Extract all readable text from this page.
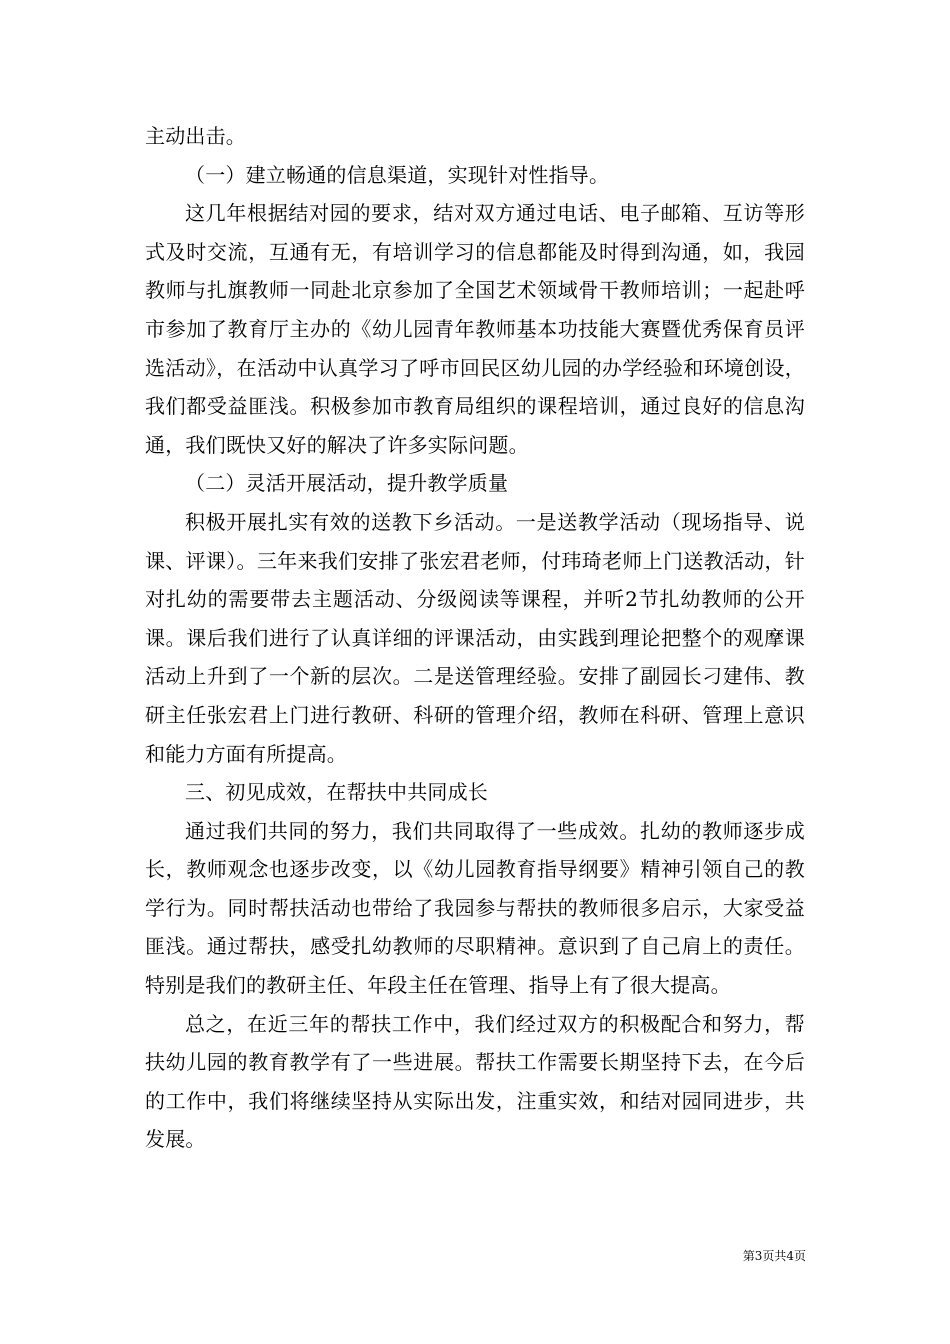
主动出击。

（一）建立畅通的信息渠道，实现针对性指导。

这几年根据结对园的要求，结对双方通过电话、电子邮箱、互访等形式及时交流，互通有无，有培训学习的信息都能及时得到沟通，如，我园教师与扎旗教师一同赴北京参加了全国艺术领域骨干教师培训；一起赴呼市参加了教育厅主办的《幼儿园青年教师基本功技能大赛暨优秀保育员评选活动》，在活动中认真学习了呼市回民区幼儿园的办学经验和环境创设，我们都受益匪浅。积极参加市教育局组织的课程培训，通过良好的信息沟通，我们既快又好的解决了许多实际问题。

（二）灵活开展活动，提升教学质量

积极开展扎实有效的送教下乡活动。一是送教学活动（现场指导、说课、评课）。三年来我们安排了张宏君老师，付玮琦老师上门送教活动，针对扎幼的需要带去主题活动、分级阅读等课程，并听2节扎幼教师的公开课。课后我们进行了认真详细的评课活动，由实践到理论把整个的观摩课活动上升到了一个新的层次。二是送管理经验。安排了副园长刁建伟、教研主任张宏君上门进行教研、科研的管理介绍，教师在科研、管理上意识和能力方面有所提高。

三、初见成效，在帮扶中共同成长

通过我们共同的努力，我们共同取得了一些成效。扎幼的教师逐步成长，教师观念也逐步改变，以《幼儿园教育指导纲要》精神引领自己的教学行为。同时帮扶活动也带给了我园参与帮扶的教师很多启示，大家受益匪浅。通过帮扶，感受扎幼教师的尽职精神。意识到了自己肩上的责任。特别是我们的教研主任、年段主任在管理、指导上有了很大提高。

总之，在近三年的帮扶工作中，我们经过双方的积极配合和努力，帮扶幼儿园的教育教学有了一些进展。帮扶工作需要长期坚持下去，在今后的工作中，我们将继续坚持从实际出发，注重实效，和结对园同进步，共发展。

第3页共4页
